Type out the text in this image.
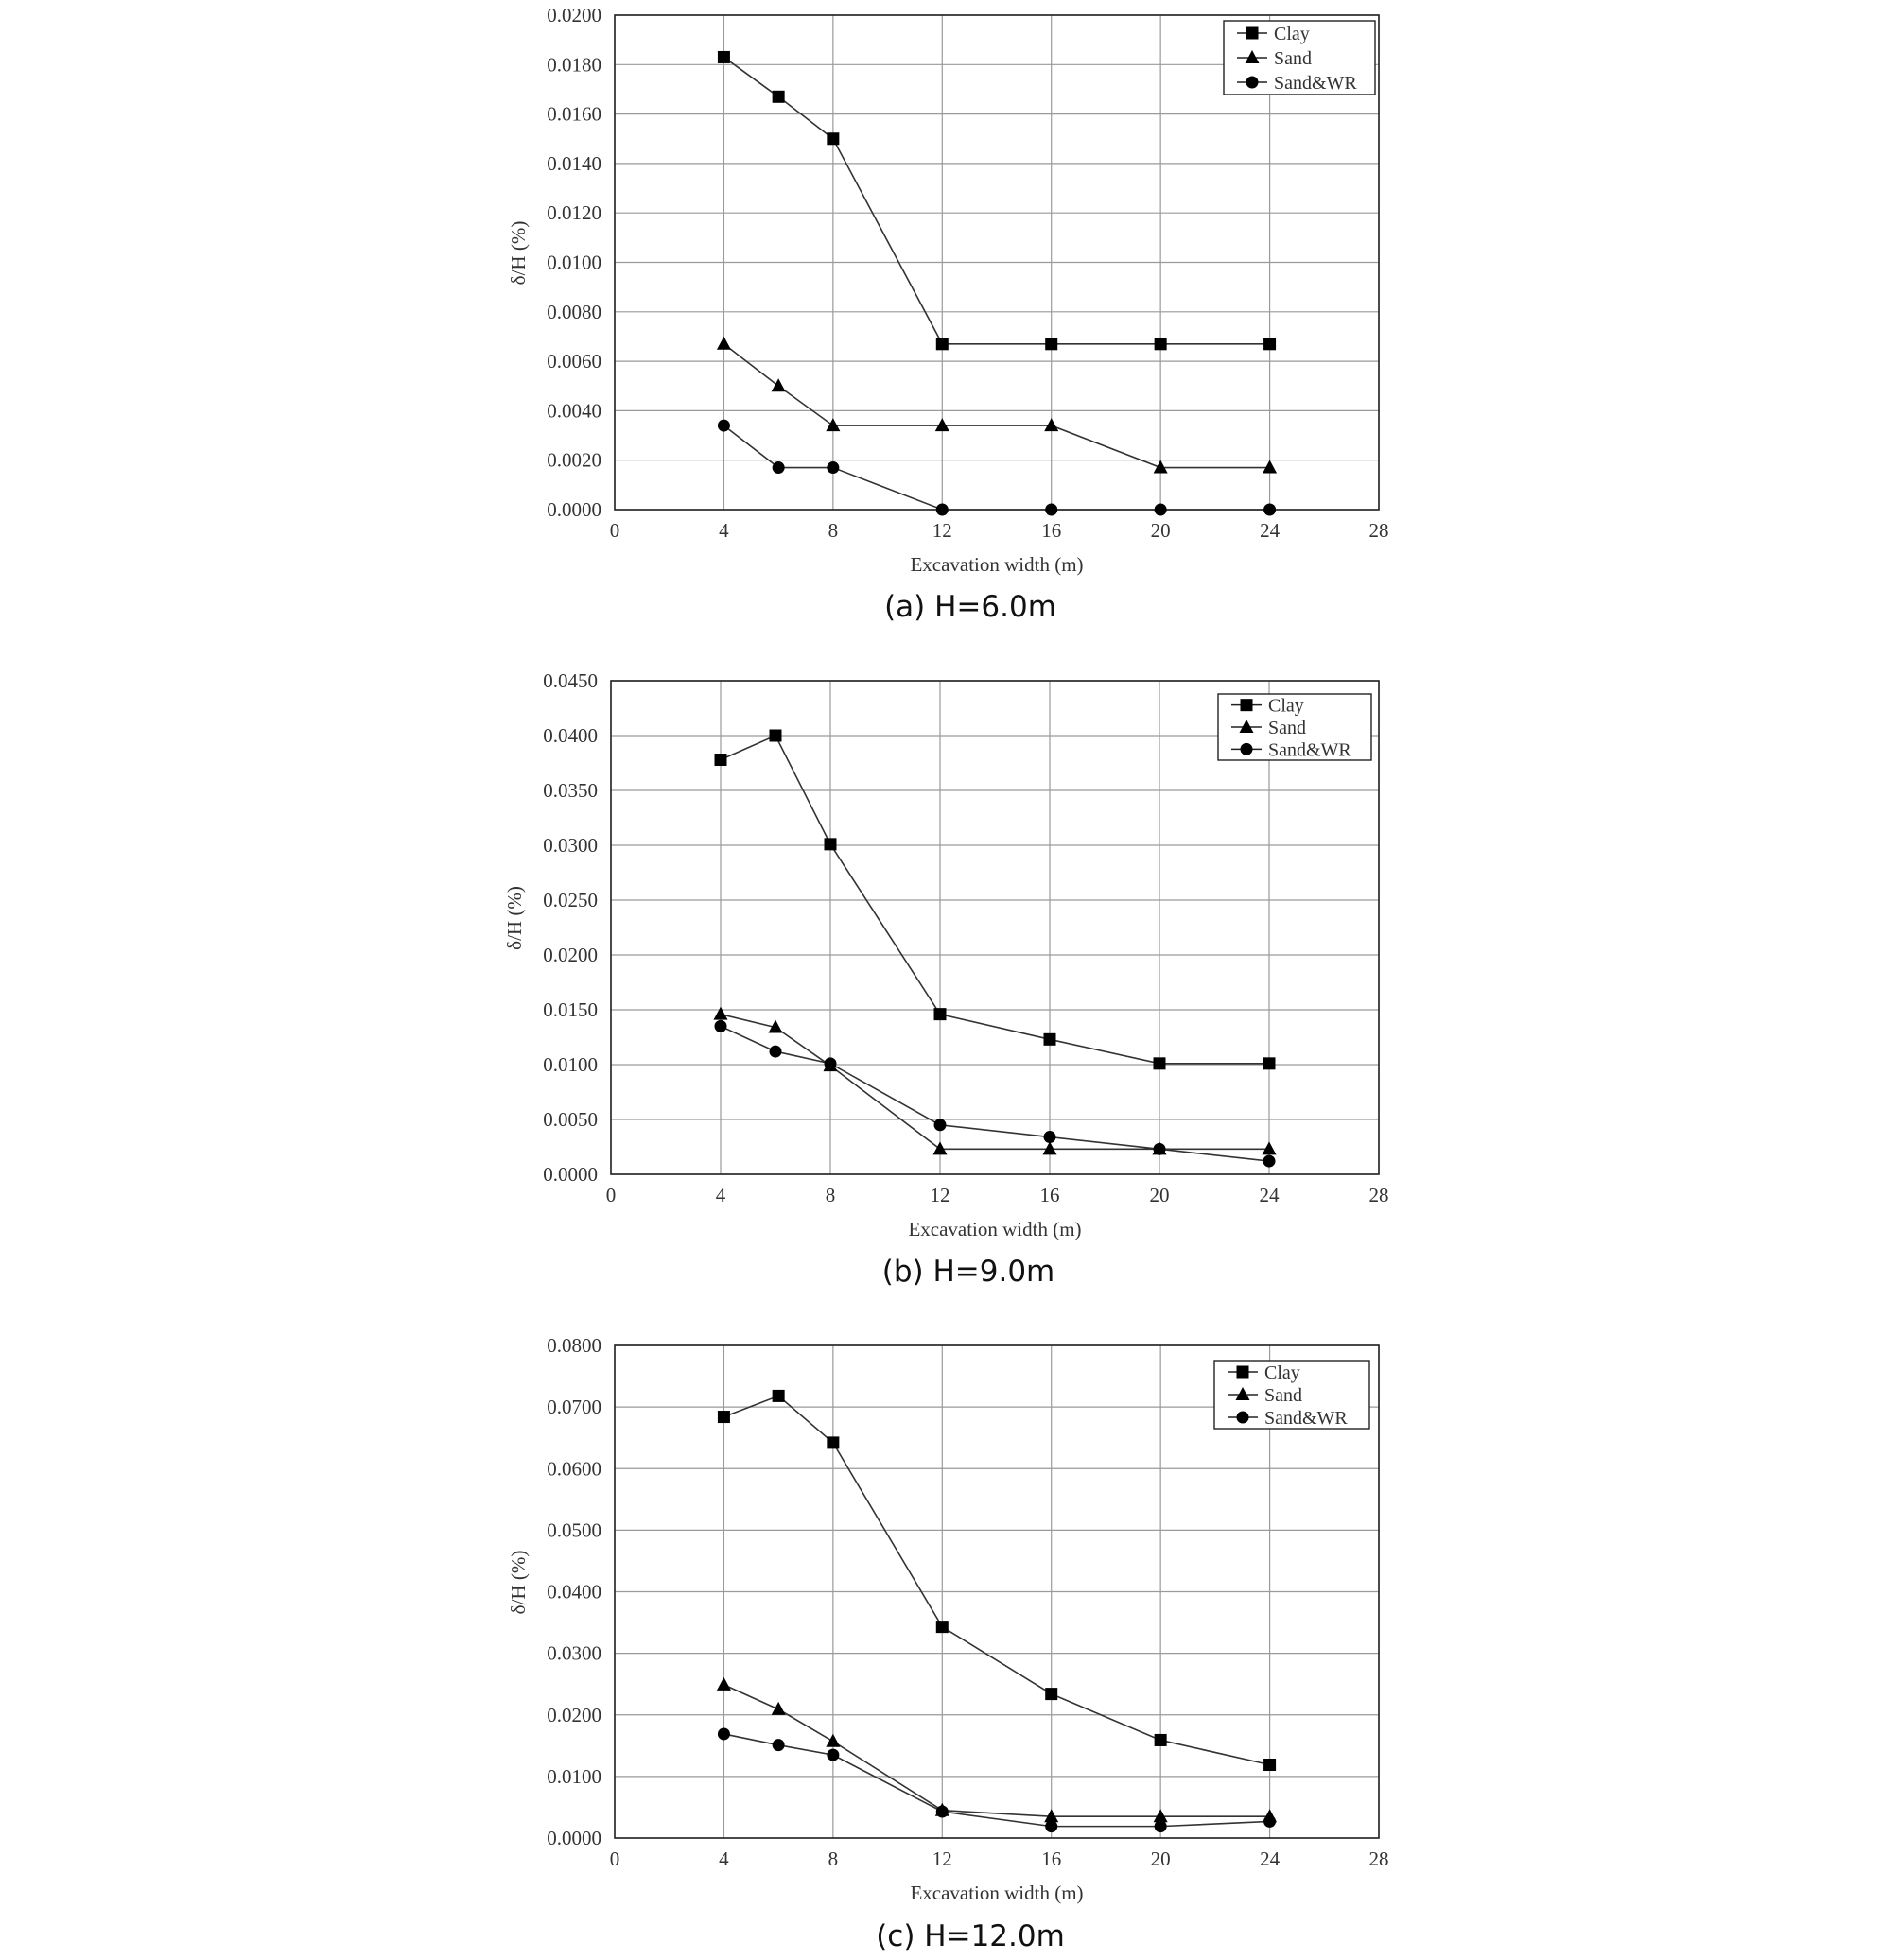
0.0000
0.0020
0.0040
0.0060
0.0080
0.0100
0.0120
0.0140
0.0160
0.0180
0.0200
0	4	8	12	16	20	24	28
Excavation width (m)
δ/H (%)
Clay
Sand
Sand&WR
(a) H=6.0m
0.0000
0.0050
0.0100
0.0150
0.0200
0.0250
0.0300
0.0350
0.0400
0.0450
0	4	8	12	16	20	24	28
Excavation width (m)
δ/H (%)
Clay
Sand
Sand&WR
(b) H=9.0m
0.0000
0.0100
0.0200
0.0300
0.0400
0.0500
0.0600
0.0700
0.0800
0	4	8	12	16	20	24	28
Excavation width (m)
δ/H (%)
Clay
Sand
Sand&WR
(c) H=12.0m
